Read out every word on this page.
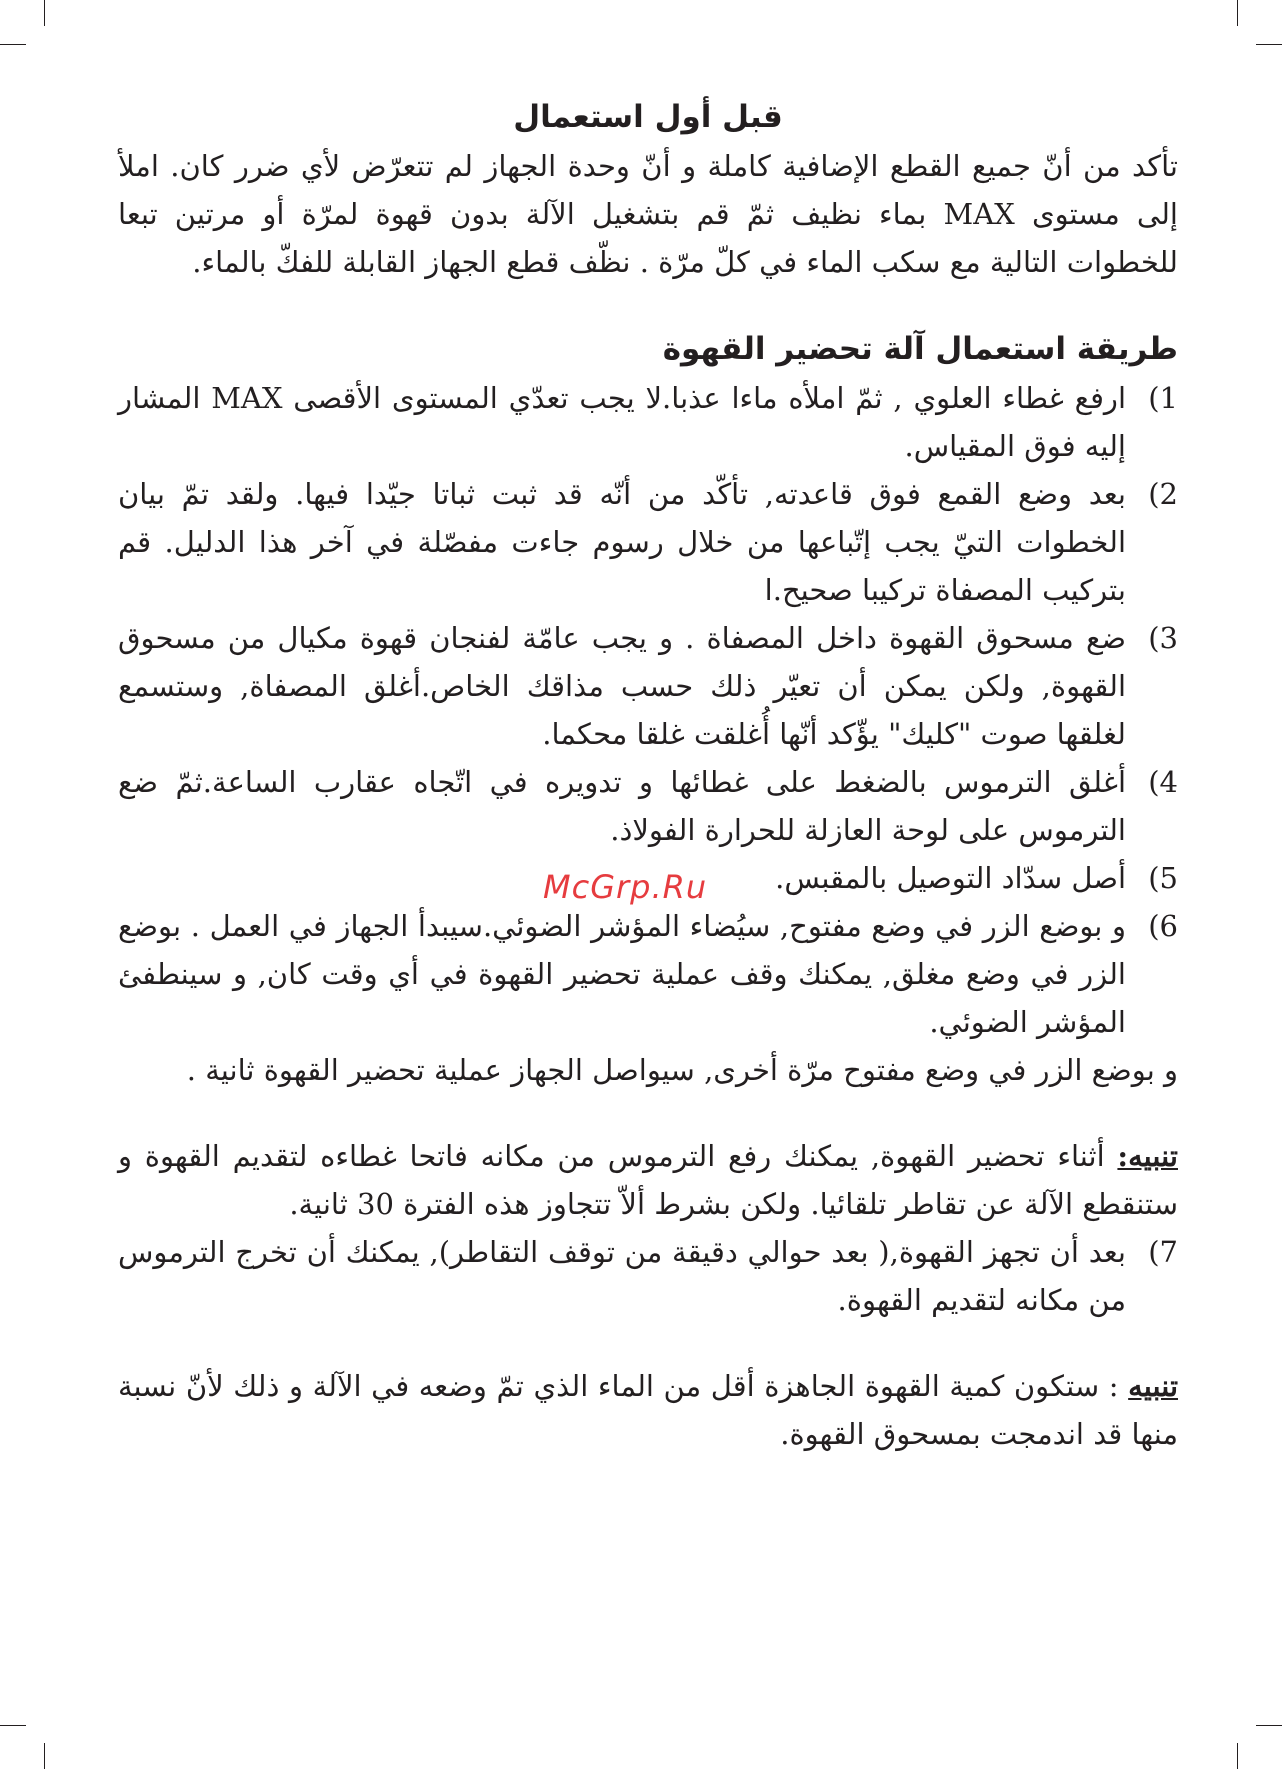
قبل أول استعمال

تأكد من أنّ جميع القطع الإضافية كاملة و أنّ وحدة الجهاز لم تتعرّض لأي ضرر كان. املأ إلى مستوى MAX بماء نظيف ثمّ قم بتشغيل الآلة بدون قهوة لمرّة أو مرتين تبعا للخطوات التالية مع سكب الماء في كلّ مرّة . نظّف قطع الجهاز القابلة للفكّ بالماء.

طريقة استعمال آلة تحضير القهوة
(1
ارفع غطاء العلوي , ثمّ املأه ماءا عذبا.لا يجب تعدّي المستوى الأقصى MAX المشار إليه فوق المقياس.
(2
بعد وضع القمع فوق قاعدته, تأكّد من أنّه قد ثبت ثباتا جيّدا فيها. ولقد تمّ بيان الخطوات التيّ يجب إتّباعها من خلال رسوم جاءت مفصّلة في آخر هذا الدليل. قم بتركيب المصفاة تركيبا صحيح.ا
(3
ضع مسحوق القهوة داخل المصفاة . و يجب عامّة لفنجان قهوة مكيال من مسحوق القهوة, ولكن يمكن أن تعيّر ذلك حسب مذاقك الخاص.أغلق المصفاة, وستسمع لغلقها صوت "كليك" يؤّكد أنّها أُغلقت غلقا محكما.
(4
أغلق الترموس بالضغط على غطائها و تدويره في اتّجاه عقارب الساعة.ثمّ ضع الترموس على لوحة العازلة للحرارة الفولاذ.
(5
أصل سدّاد التوصيل بالمقبس.
(6
و بوضع الزر في وضع مفتوح, سيُضاء المؤشر الضوئي.سيبدأ الجهاز في العمل . بوضع الزر في وضع مغلق, يمكنك وقف عملية تحضير القهوة في أي وقت كان, و سينطفئ المؤشر الضوئي.

و بوضع الزر في وضع مفتوح مرّة أخرى, سيواصل الجهاز عملية تحضير القهوة ثانية .

تنبيه: أثناء تحضير القهوة, يمكنك رفع الترموس من مكانه فاتحا غطاءه لتقديم القهوة و ستنقطع الآلة عن تقاطر تلقائيا. ولكن بشرط ألاّ تتجاوز هذه الفترة 30 ثانية.

(7
بعد أن تجهز القهوة,( بعد حوالي دقيقة من توقف التقاطر), يمكنك أن تخرج الترموس من مكانه لتقديم القهوة.

تنبيه : ستكون كمية القهوة الجاهزة أقل من الماء الذي تمّ وضعه في الآلة و ذلك لأنّ نسبة منها قد اندمجت بمسحوق القهوة.

McGrp.Ru
